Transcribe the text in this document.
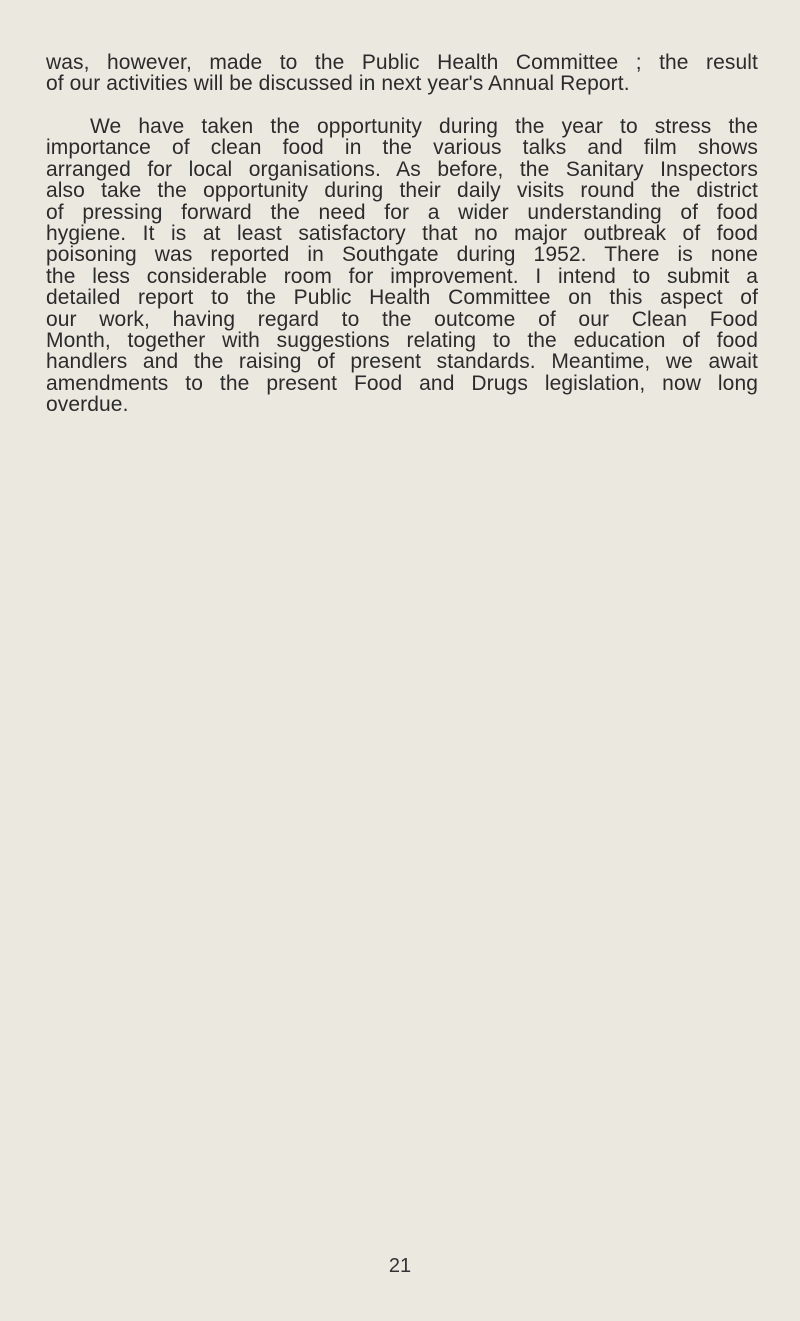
was, however, made to the Public Health Committee ; the result
of our activities will be discussed in next year's Annual Report.
We have taken the opportunity during the year to stress the
importance of clean food in the various talks and film shows
arranged for local organisations. As before, the Sanitary Inspectors
also take the opportunity during their daily visits round the district
of pressing forward the need for a wider understanding of food
hygiene. It is at least satisfactory that no major outbreak of food
poisoning was reported in Southgate during 1952. There is none
the less considerable room for improvement. I intend to submit a
detailed report to the Public Health Committee on this aspect of
our work, having regard to the outcome of our Clean Food
Month, together with suggestions relating to the education of food
handlers and the raising of present standards. Meantime, we await
amendments to the present Food and Drugs legislation, now long
overdue.
21
